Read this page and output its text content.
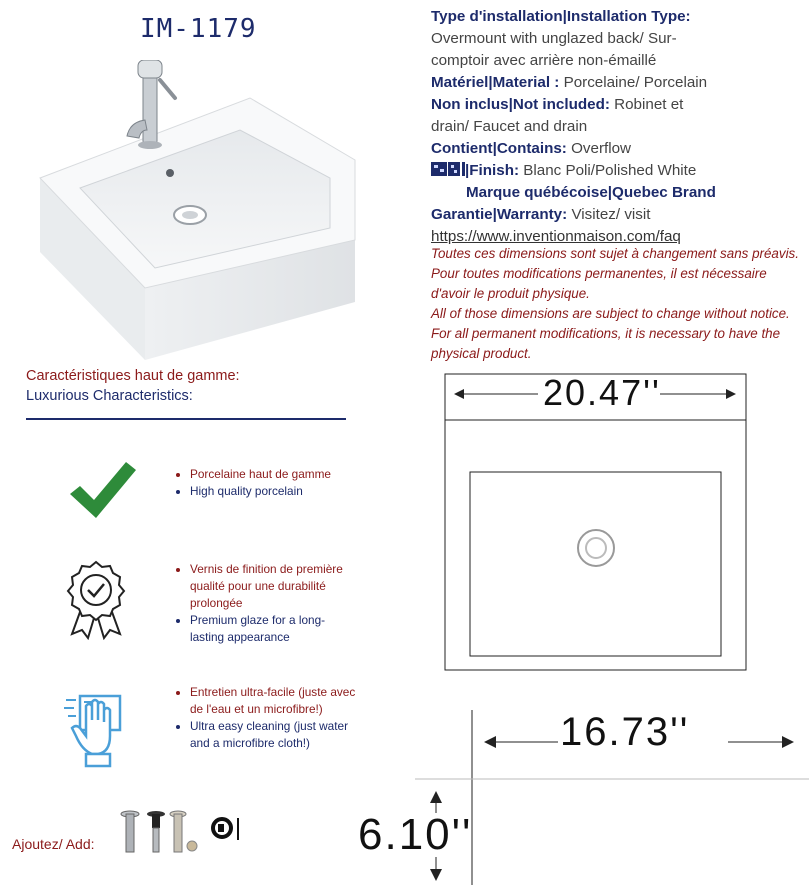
IM-1179	Type d'installation|Installation Type:
Overmount with unglazed back/ Sur-
comptoir avec arrière non-émaillé
Matériel|Material : Porcelaine/ Porcelain
Non inclus|Not included: Robinet et
drain/ Faucet and drain
Contient|Contains: Overflow
|Finish: Blanc Poli/Polished White
Marque québécoise|Quebec Brand
Garantie|Warranty: Visitez/ visit
https://www.inventionmaison.com/faq
Toutes ces dimensions sont sujet à changement sans préavis. Pour toutes modifications permanentes, il est nécessaire d'avoir le produit physique.
All of those dimensions are subject to change without notice. For all permanent modifications, it is necessary to have the physical product.
Caractéristiques haut de gamme:
Luxurious Characteristics:
• Porcelaine haut de gamme
• High quality porcelain
• Vernis de finition de première qualité pour une durabilité prolongée
• Premium glaze for a long-lasting appearance
• Entretien ultra-facile (juste avec de l'eau et un microfibre!)
• Ultra easy cleaning (just water and a microfibre cloth!)
Ajoutez/ Add:
20.47''
16.73''
6.10''
